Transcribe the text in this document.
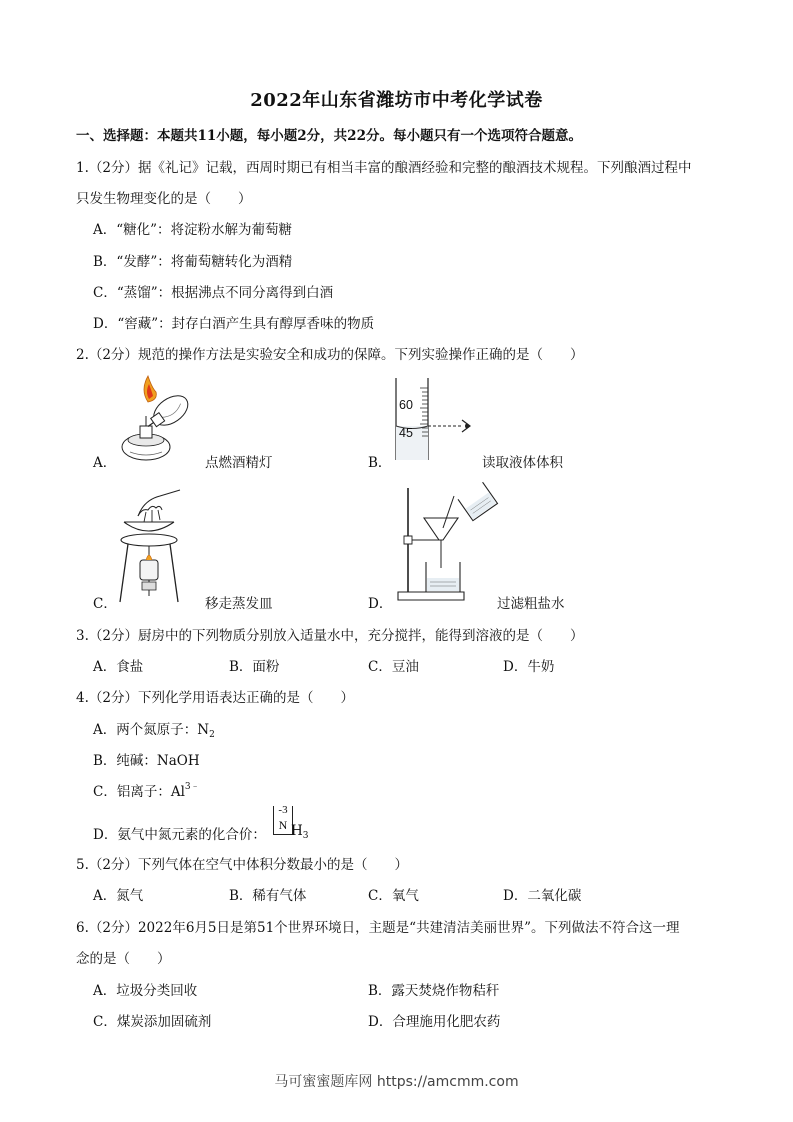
2022年山东省潍坊市中考化学试卷
一、选择题：本题共11小题，每小题2分，共22分。每小题只有一个选项符合题意。
1.（2分）据《礼记》记载，西周时期已有相当丰富的酿酒经验和完整的酿酒技术规程。下列酿酒过程中
只发生物理变化的是（　　）
A．“糖化”：将淀粉水解为葡萄糖
B．“发酵”：将葡萄糖转化为酒精
C．“蒸馏”：根据沸点不同分离得到白酒
D．“窖藏”：封存白酒产生具有醇厚香味的物质
2.（2分）规范的操作方法是实验安全和成功的保障。下列实验操作正确的是（　　）
A．	点燃酒精灯
60
45
B．	读取液体体积
C．	移走蒸发皿	D．	过滤粗盐水
3.（2分）厨房中的下列物质分别放入适量水中，充分搅拌，能得到溶液的是（　　）
A．食盐	B．面粉	C．豆油	D．牛奶
4.（2分）下列化学用语表达正确的是（　　）
A．两个氮原子：$N_2$
B．纯碱：NaOH
C．铝离子：$Al^{3﹣}$
D．氨气中氮元素的化合价：
-3
N $H_3$
5.（2分）下列气体在空气中体积分数最小的是（　　）
A．氮气	B．稀有气体	C．氧气	D．二氧化碳
6.（2分）2022年6月5日是第51个世界环境日，主题是“共建清洁美丽世界”。下列做法不符合这一理
念的是（　　）
A．垃圾分类回收	B．露天焚烧作物秸秆
C．煤炭添加固硫剂	D．合理施用化肥农药
马可蜜蜜题库网 https://amcmm.com
